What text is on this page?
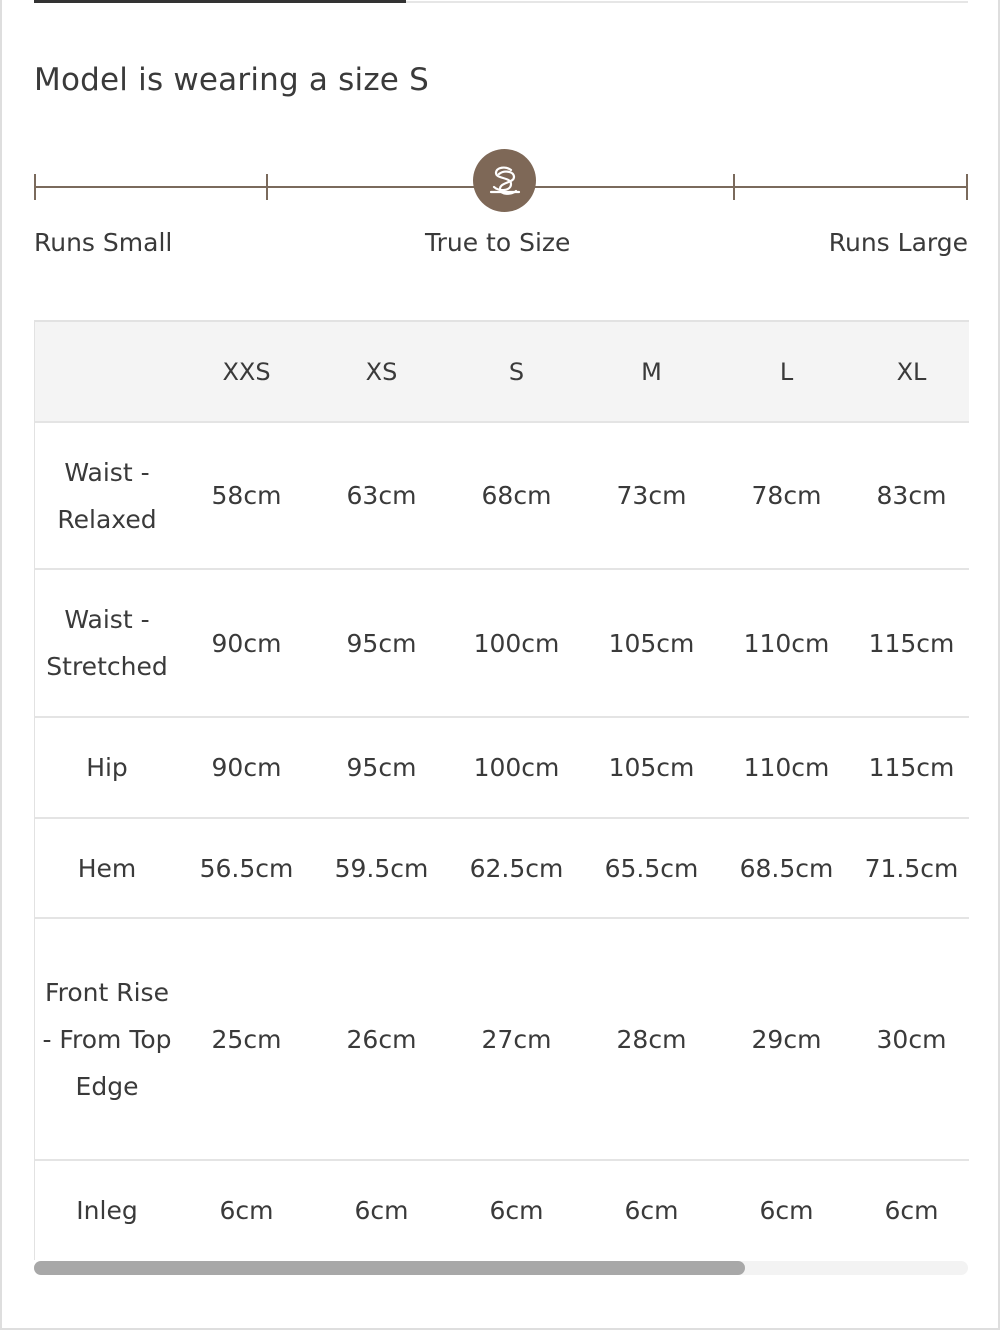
Model is wearing a size S
Runs Small	True to Size	Runs Large
	XXS	XS	S	M	L	XL
Waist - Relaxed	58cm	63cm	68cm	73cm	78cm	83cm
Waist - Stretched	90cm	95cm	100cm	105cm	110cm	115cm
Hip	90cm	95cm	100cm	105cm	110cm	115cm
Hem	56.5cm	59.5cm	62.5cm	65.5cm	68.5cm	71.5cm
Front Rise - From Top Edge	25cm	26cm	27cm	28cm	29cm	30cm
Inleg	6cm	6cm	6cm	6cm	6cm	6cm
